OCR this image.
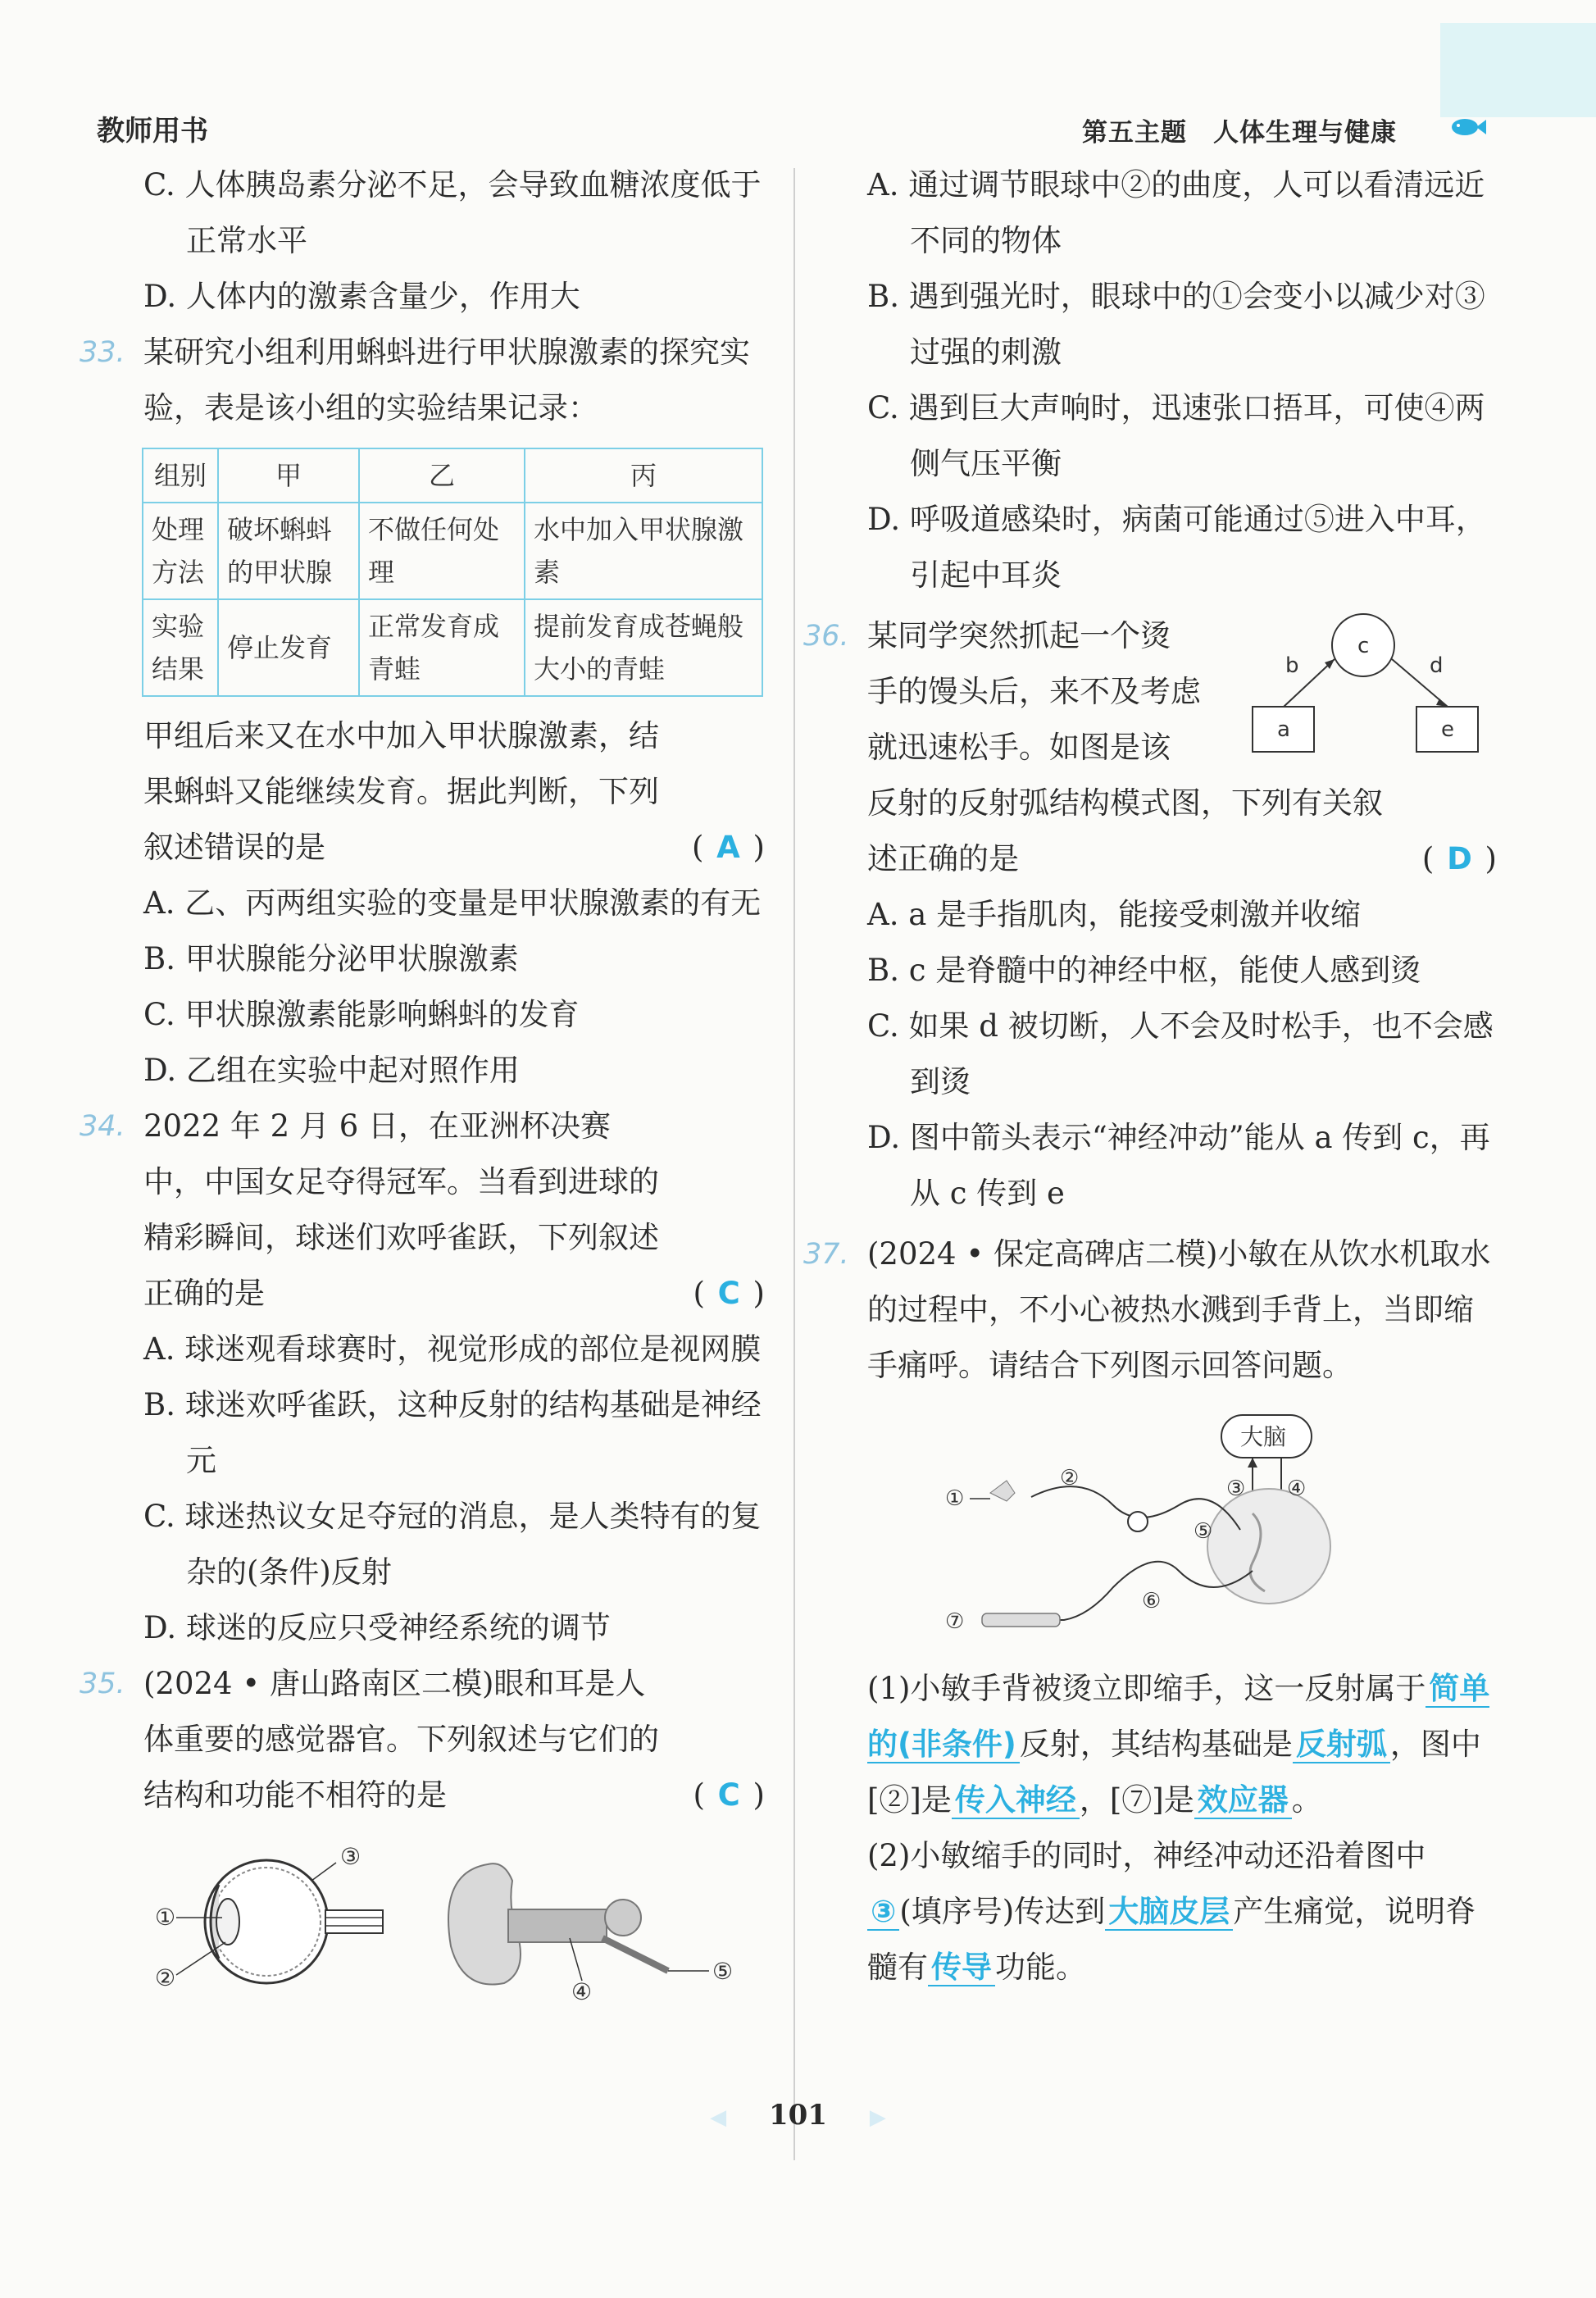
教师用书	第五主题　人体生理与健康

C. 人体胰岛素分泌不足，会导致血糖浓度低于正常水平

D. 人体内的激素含量少，作用大

33. 某研究小组利用蝌蚪进行甲状腺激素的探究实验，表是该小组的实验结果记录：

组别	甲	乙	丙
处理方法	破坏蝌蚪的甲状腺	不做任何处理	水中加入甲状腺激素
实验结果	停止发育	正常发育成青蛙	提前发育成苍蝇般大小的青蛙
甲组后来又在水中加入甲状腺激素，结果蝌蚪又能继续发育。据此判断，下列叙述错误的是	( A )

A. 乙、丙两组实验的变量是甲状腺激素的有无

B. 甲状腺能分泌甲状腺激素

C. 甲状腺激素能影响蝌蚪的发育

D. 乙组在实验中起对照作用

34. 2022 年 2 月 6 日，在亚洲杯决赛中，中国女足夺得冠军。当看到进球的精彩瞬间，球迷们欢呼雀跃，下列叙述正确的是	( C )

A. 球迷观看球赛时，视觉形成的部位是视网膜

B. 球迷欢呼雀跃，这种反射的结构基础是神经元

C. 球迷热议女足夺冠的消息，是人类特有的复杂的(条件)反射

D. 球迷的反应只受神经系统的调节

35. (2024 • 唐山路南区二模)眼和耳是人体重要的感觉器官。下列叙述与它们的结构和功能不相符的是	( C )
①
②
③
④
⑤

A. 通过调节眼球中②的曲度，人可以看清远近不同的物体

B. 遇到强光时，眼球中的①会变小以减少对③过强的刺激

C. 遇到巨大声响时，迅速张口捂耳，可使④两侧气压平衡

D. 呼吸道感染时，病菌可能通过⑤进入中耳，引起中耳炎

36. 某同学突然抓起一个烫
手的馒头后，来不及考虑
就迅速松手。如图是该
c
a	e
b	d
反射的反射弧结构模式图，下列有关叙述正确的是	( D )

A. a 是手指肌肉，能接受刺激并收缩

B. c 是脊髓中的神经中枢，能使人感到烫

C. 如果 d 被切断，人不会及时松手，也不会感到烫

D. 图中箭头表示“神经冲动”能从 a 传到 c，再从 c 传到 e

37. (2024 • 保定高碑店二模)小敏在从饮水机取水的过程中，不小心被热水溅到手背上，当即缩手痛呼。请结合下列图示回答问题。

大脑
①
②	③ ④
⑤
⑥
⑦

(1)小敏手背被烫立即缩手，这一反射属于 简单的(非条件) 反射，其结构基础是 反射弧 ，图中[②]是 传入神经 ，[⑦]是 效应器 。

(2)小敏缩手的同时，神经冲动还沿着图中③ (填序号)传达到 大脑皮层 产生痛觉，说明脊髓有 传导 功能。

◀ 101 ▶
